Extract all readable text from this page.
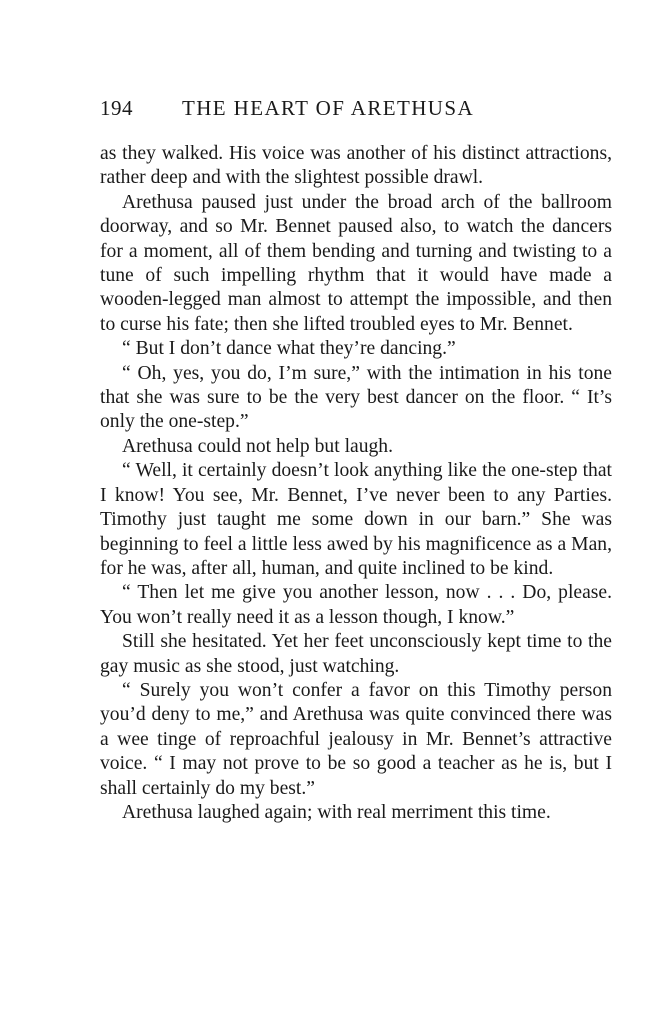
194	THE HEART OF ARETHUSA

as they walked. His voice was another of his distinct attractions, rather deep and with the slightest possible drawl.

Arethusa paused just under the broad arch of the ballroom doorway, and so Mr. Bennet paused also, to watch the dancers for a moment, all of them bending and turning and twisting to a tune of such impelling rhythm that it would have made a wooden-legged man almost to attempt the impossible, and then to curse his fate; then she lifted troubled eyes to Mr. Bennet.

“ But I don’t dance what they’re dancing.”

“ Oh, yes, you do, I’m sure,” with the intimation in his tone that she was sure to be the very best dancer on the floor. “ It’s only the one-step.”

Arethusa could not help but laugh.

“ Well, it certainly doesn’t look anything like the one-step that I know! You see, Mr. Bennet, I’ve never been to any Parties. Timothy just taught me some down in our barn.” She was beginning to feel a little less awed by his magnificence as a Man, for he was, after all, human, and quite inclined to be kind.

“ Then let me give you another lesson, now . . . Do, please. You won’t really need it as a lesson though, I know.”

Still she hesitated. Yet her feet unconsciously kept time to the gay music as she stood, just watching.

“ Surely you won’t confer a favor on this Timothy person you’d deny to me,” and Arethusa was quite convinced there was a wee tinge of reproachful jealousy in Mr. Bennet’s attractive voice. “ I may not prove to be so good a teacher as he is, but I shall certainly do my best.”

Arethusa laughed again; with real merriment this time.
